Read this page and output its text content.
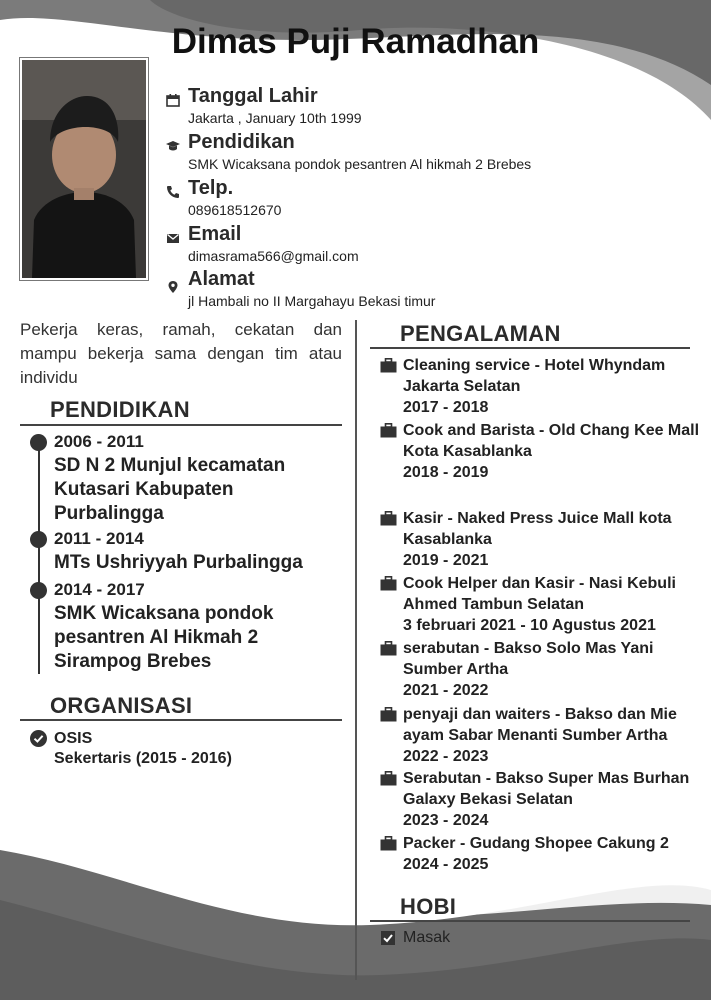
Dimas Puji Ramadhan
Tanggal Lahir
Jakarta , January 10th 1999
Pendidikan
SMK Wicaksana pondok pesantren Al hikmah 2 Brebes
Telp.
089618512670
Email
dimasrama566@gmail.com
Alamat
jl Hambali no II Margahayu Bekasi timur
Pekerja keras, ramah, cekatan dan mampu bekerja sama dengan tim atau individu
PENDIDIKAN
2006 - 2011
SD N 2 Munjul kecamatan Kutasari Kabupaten Purbalingga
2011 - 2014
MTs Ushriyyah Purbalingga
2014 - 2017
SMK Wicaksana pondok pesantren Al Hikmah 2 Sirampog Brebes
ORGANISASI
OSIS
Sekertaris (2015 - 2016)
PENGALAMAN
Cleaning service - Hotel Whyndam Jakarta Selatan
2017 - 2018
Cook and Barista - Old Chang Kee Mall Kota Kasablanka
2018 - 2019
Kasir - Naked Press Juice Mall kota Kasablanka
2019 - 2021
Cook Helper dan Kasir - Nasi Kebuli Ahmed Tambun Selatan
3 februari 2021 - 10 Agustus 2021
serabutan - Bakso Solo Mas Yani Sumber Artha
2021 - 2022
penyaji dan waiters - Bakso dan Mie ayam Sabar Menanti Sumber Artha
2022 - 2023
Serabutan - Bakso Super Mas Burhan Galaxy Bekasi Selatan
2023 - 2024
Packer - Gudang Shopee Cakung 2
2024 - 2025
HOBI
Masak
